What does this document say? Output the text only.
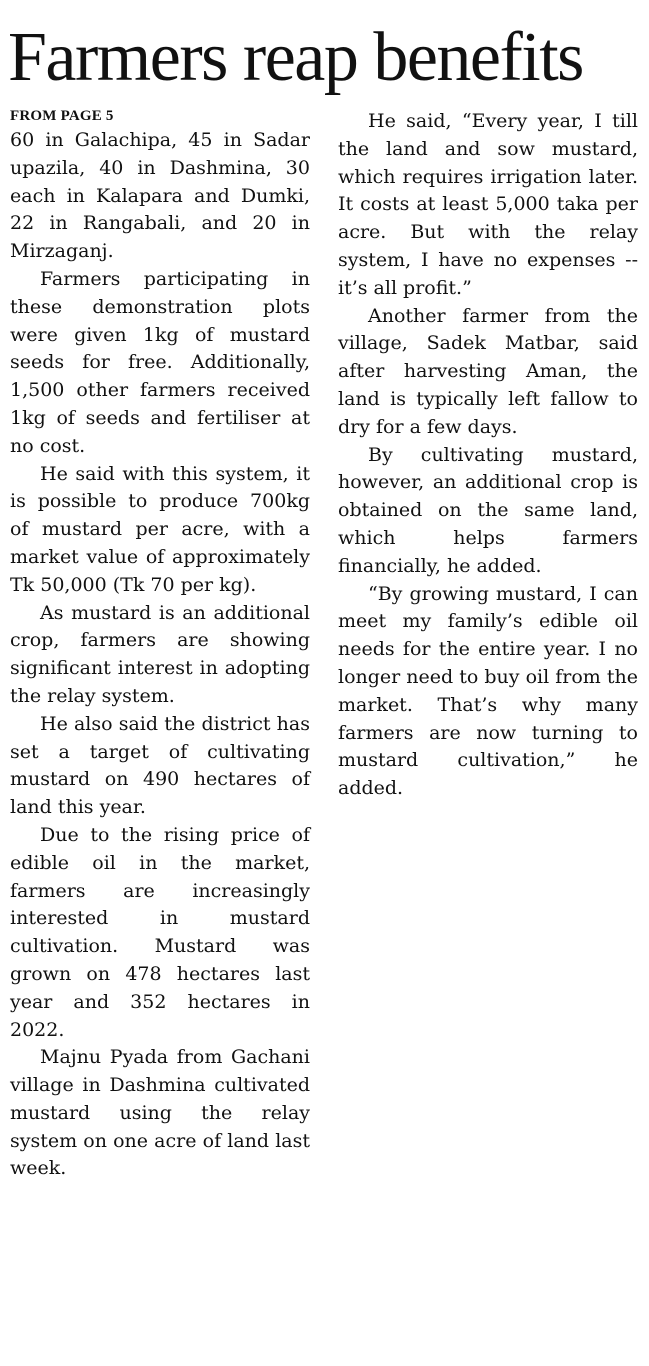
Farmers reap benefits
FROM PAGE 5

60 in Galachipa, 45 in Sadar upazila, 40 in Dashmina, 30 each in Kalapara and Dumki, 22 in Rangabali, and 20 in Mirzaganj.

Farmers participating in these demonstration plots were given 1kg of mustard seeds for free. Additionally, 1,500 other farmers received 1kg of seeds and fertiliser at no cost.

He said with this system, it is possible to produce 700kg of mustard per acre, with a market value of approximately Tk 50,000 (Tk 70 per kg).

As mustard is an additional crop, farmers are showing significant interest in adopting the relay system.

He also said the district has set a target of cultivating mustard on 490 hectares of land this year.

Due to the rising price of edible oil in the market, farmers are increasingly interested in mustard cultivation. Mustard was grown on 478 hectares last year and 352 hectares in 2022.

Majnu Pyada from Gachani village in Dashmina cultivated mustard using the relay system on one acre of land last week.

He said, “Every year, I till the land and sow mustard, which requires irrigation later. It costs at least 5,000 taka per acre. But with the relay system, I have no expenses -- it’s all profit.”

Another farmer from the village, Sadek Matbar, said after harvesting Aman, the land is typically left fallow to dry for a few days.

By cultivating mustard, however, an additional crop is obtained on the same land, which helps farmers financially, he added.

“By growing mustard, I can meet my family’s edible oil needs for the entire year. I no longer need to buy oil from the market. That’s why many farmers are now turning to mustard cultivation,” he added.
